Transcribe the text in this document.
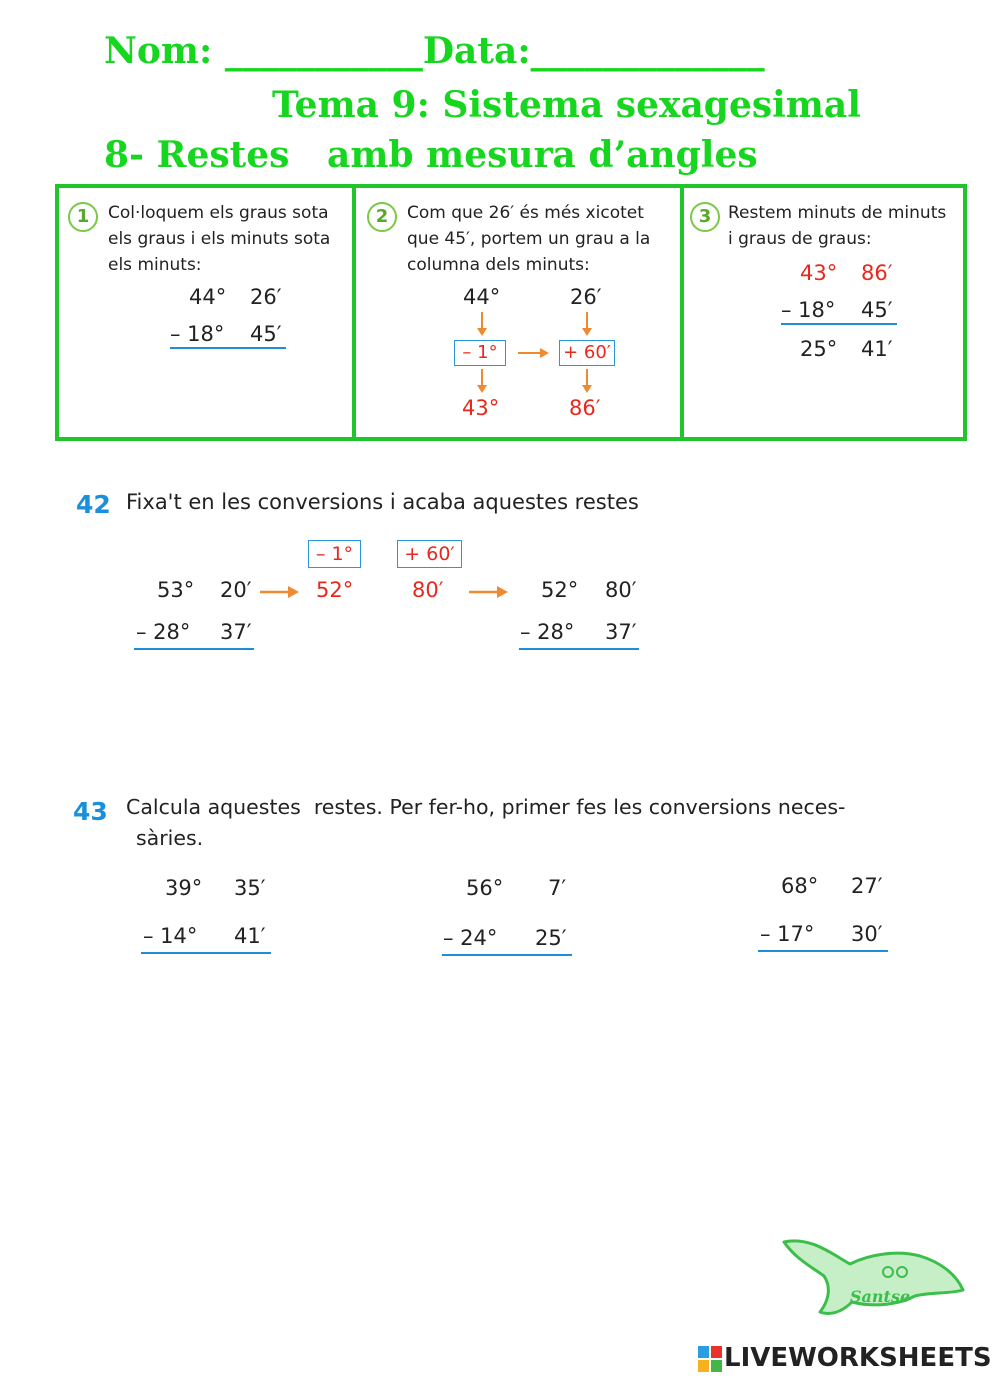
Nom: ___________Data:_____________
Tema 9: Sistema sexagesimal
8- Restes   amb mesura d’angles
1	Col·loquem els graus sota
els graus i els minuts sota
els minuts:
44° 26′
– 18° 45′
2	Com que 26′ és més xicotet
que 45′, portem un grau a la
columna dels minuts:
44°	26′
– 1°	+ 60′
43°	86′
3 Restem minuts de minuts
i graus de graus:
43° 86′
– 18° 45′
25° 41′
42 Fixa't en les conversions i acaba aquestes restes
– 1°	+ 60′
53° 20′	52°	80′	52° 80′
– 28° 37′	– 28° 37′
43 Calcula aquestes  restes. Per fer-ho, primer fes les conversions neces-
sàries.
39° 35′
– 14° 41′
56° 7′
– 24° 25′
68° 27′
– 17° 30′
Santse
LIVEWORKSHEETS
